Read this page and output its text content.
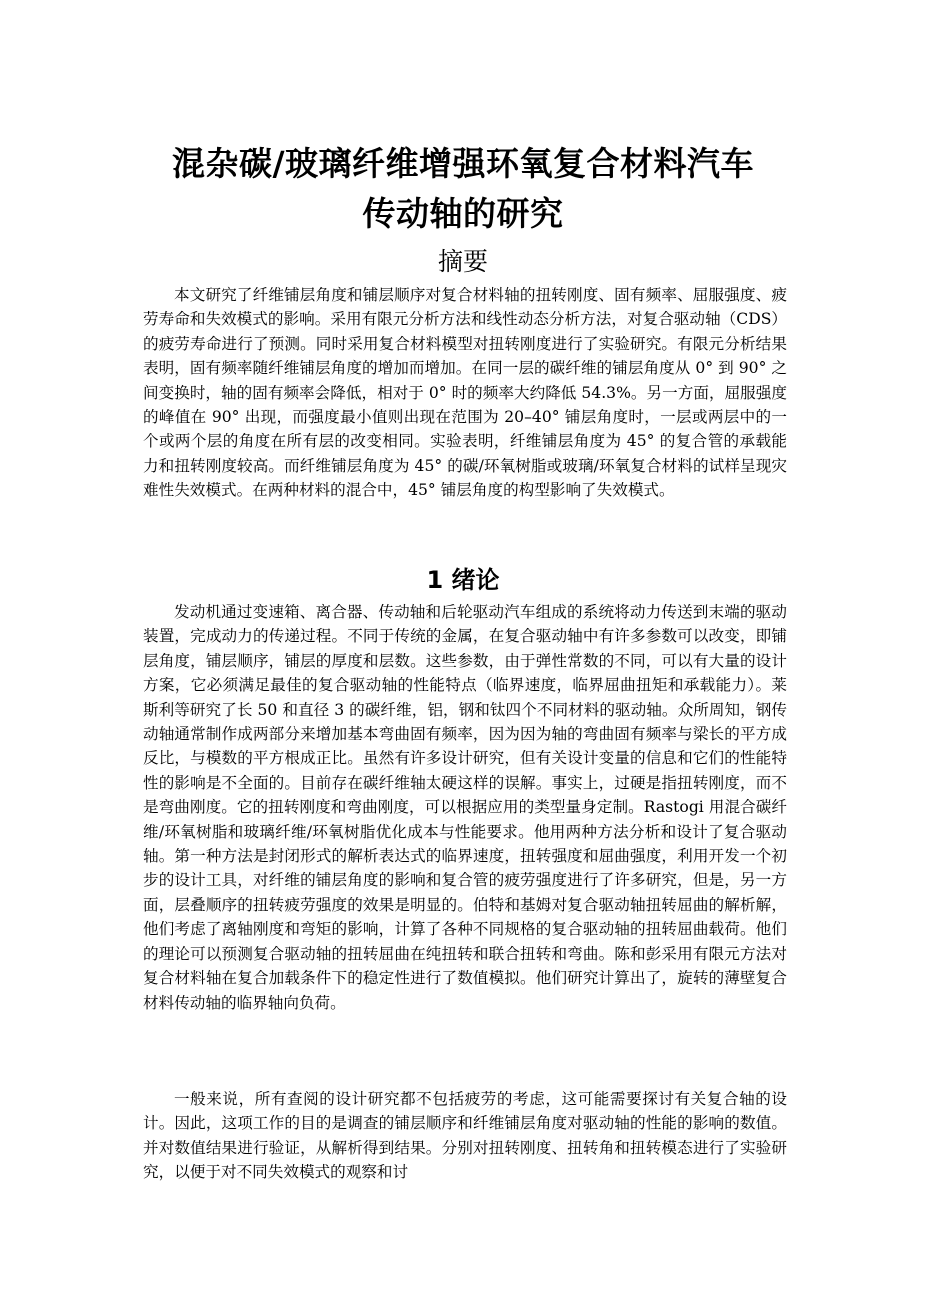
混杂碳/玻璃纤维增强环氧复合材料汽车
传动轴的研究
摘要

本文研究了纤维铺层角度和铺层顺序对复合材料轴的扭转刚度、固有频率、屈服强度、疲劳寿命和失效模式的影响。采用有限元分析方法和线性动态分析方法，对复合驱动轴（CDS）的疲劳寿命进行了预测。同时采用复合材料模型对扭转刚度进行了实验研究。有限元分析结果表明，固有频率随纤维铺层角度的增加而增加。在同一层的碳纤维的铺层角度从 0° 到 90° 之间变换时，轴的固有频率会降低，相对于 0° 时的频率大约降低 54.3%。另一方面，屈服强度的峰值在 90° 出现，而强度最小值则出现在范围为 20–40° 铺层角度时，一层或两层中的一个或两个层的角度在所有层的改变相同。实验表明，纤维铺层角度为 45° 的复合管的承载能力和扭转刚度较高。而纤维铺层角度为 45° 的碳/环氧树脂或玻璃/环氧复合材料的试样呈现灾难性失效模式。在两种材料的混合中，45° 铺层角度的构型影响了失效模式。

1 绪论

发动机通过变速箱、离合器、传动轴和后轮驱动汽车组成的系统将动力传送到末端的驱动装置，完成动力的传递过程。不同于传统的金属，在复合驱动轴中有许多参数可以改变，即铺层角度，铺层顺序，铺层的厚度和层数。这些参数，由于弹性常数的不同，可以有大量的设计方案，它必须满足最佳的复合驱动轴的性能特点（临界速度，临界屈曲扭矩和承载能力）。莱斯利等研究了长 50 和直径 3 的碳纤维，铝，钢和钛四个不同材料的驱动轴。众所周知，钢传动轴通常制作成两部分来增加基本弯曲固有频率，因为因为轴的弯曲固有频率与梁长的平方成反比，与模数的平方根成正比。虽然有许多设计研究，但有关设计变量的信息和它们的性能特性的影响是不全面的。目前存在碳纤维轴太硬这样的误解。事实上，过硬是指扭转刚度，而不是弯曲刚度。它的扭转刚度和弯曲刚度，可以根据应用的类型量身定制。Rastogi 用混合碳纤维/环氧树脂和玻璃纤维/环氧树脂优化成本与性能要求。他用两种方法分析和设计了复合驱动轴。第一种方法是封闭形式的解析表达式的临界速度，扭转强度和屈曲强度，利用开发一个初步的设计工具，对纤维的铺层角度的影响和复合管的疲劳强度进行了许多研究，但是，另一方面，层叠顺序的扭转疲劳强度的效果是明显的。伯特和基姆对复合驱动轴扭转屈曲的解析解，他们考虑了离轴刚度和弯矩的影响，计算了各种不同规格的复合驱动轴的扭转屈曲载荷。他们的理论可以预测复合驱动轴的扭转屈曲在纯扭转和联合扭转和弯曲。陈和彭采用有限元方法对复合材料轴在复合加载条件下的稳定性进行了数值模拟。他们研究计算出了，旋转的薄壁复合材料传动轴的临界轴向负荷。

一般来说，所有查阅的设计研究都不包括疲劳的考虑，这可能需要探讨有关复合轴的设计。因此，这项工作的目的是调查的铺层顺序和纤维铺层角度对驱动轴的性能的影响的数值。并对数值结果进行验证，从解析得到结果。分别对扭转刚度、扭转角和扭转模态进行了实验研究，以便于对不同失效模式的观察和讨
